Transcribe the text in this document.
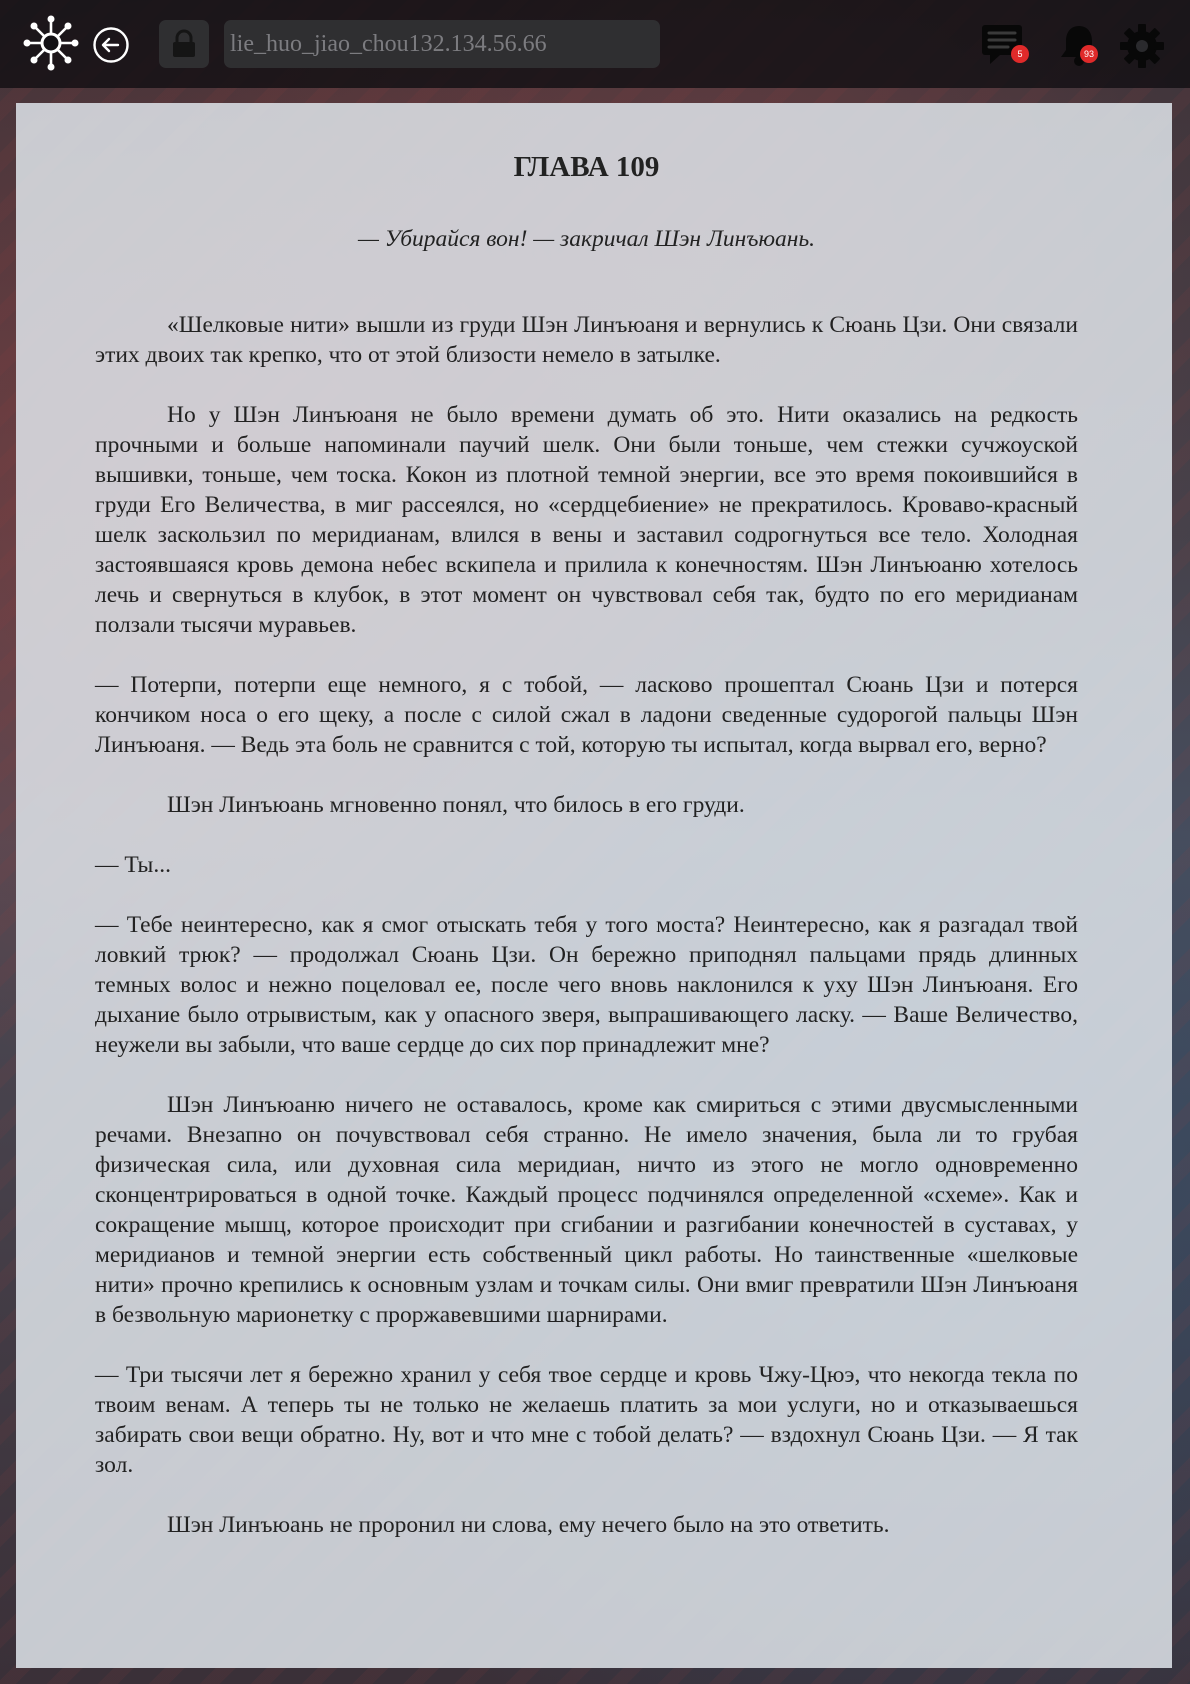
lie_huo_jiao_chou132.134.56.66	5	93
ГЛАВА 109

— Убирайся вон! — закричал Шэн Линъюань.

«Шелковые нити» вышли из груди Шэн Линъюаня и вернулись к Сюань Цзи. Они связали этих двоих так крепко, что от этой близости немело в затылке.

Но у Шэн Линъюаня не было времени думать об это. Нити оказались на редкость прочными и больше напоминали паучий шелк. Они были тоньше, чем стежки сучжоуской вышивки, тоньше, чем тоска. Кокон из плотной темной энергии, все это время покоившийся в груди Его Величества, в миг рассеялся, но «сердцебиение» не прекратилось. Кроваво-красный шелк заскользил по меридианам, влился в вены и заставил содрогнуться все тело. Холодная застоявшаяся кровь демона небес вскипела и прилила к конечностям. Шэн Линъюаню хотелось лечь и свернуться в клубок, в этот момент он чувствовал себя так, будто по его меридианам ползали тысячи муравьев.

— Потерпи, потерпи еще немного, я с тобой, — ласково прошептал Сюань Цзи и потерся кончиком носа о его щеку, а после с силой сжал в ладони сведенные судорогой пальцы Шэн Линъюаня. — Ведь эта боль не сравнится с той, которую ты испытал, когда вырвал его, верно?

Шэн Линъюань мгновенно понял, что билось в его груди.

— Ты...

— Тебе неинтересно, как я смог отыскать тебя у того моста? Неинтересно, как я разгадал твой ловкий трюк? — продолжал Сюань Цзи. Он бережно приподнял пальцами прядь длинных темных волос и нежно поцеловал ее, после чего вновь наклонился к уху Шэн Линъюаня. Его дыхание было отрывистым, как у опасного зверя, выпрашивающего ласку. — Ваше Величество, неужели вы забыли, что ваше сердце до сих пор принадлежит мне?

Шэн Линъюаню ничего не оставалось, кроме как смириться с этими двусмысленными речами. Внезапно он почувствовал себя странно. Не имело значения, была ли то грубая физическая сила, или духовная сила меридиан, ничто из этого не могло одновременно сконцентрироваться в одной точке. Каждый процесс подчинялся определенной «схеме». Как и сокращение мышц, которое происходит при сгибании и разгибании конечностей в суставах, у меридианов и темной энергии есть собственный цикл работы. Но таинственные «шелковые нити» прочно крепились к основным узлам и точкам силы. Они вмиг превратили Шэн Линъюаня в безвольную марионетку с проржавевшими шарнирами.

— Три тысячи лет я бережно хранил у себя твое сердце и кровь Чжу-Цюэ, что некогда текла по твоим венам. А теперь ты не только не желаешь платить за мои услуги, но и отказываешься забирать свои вещи обратно. Ну, вот и что мне с тобой делать? — вздохнул Сюань Цзи. — Я так зол.

Шэн Линъюань не проронил ни слова, ему нечего было на это ответить.
